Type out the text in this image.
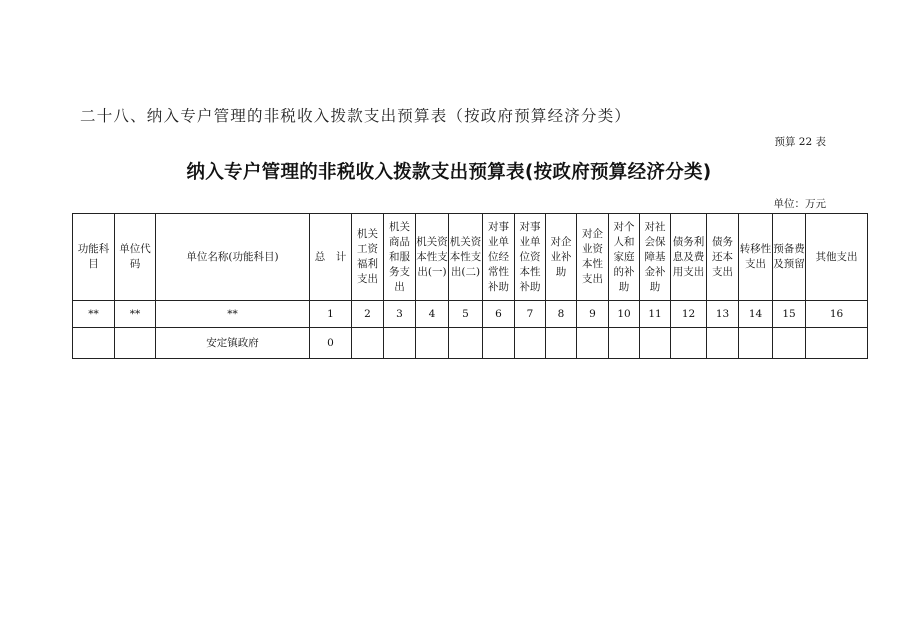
二十八、纳入专户管理的非税收入拨款支出预算表（按政府预算经济分类）
预算 22 表
纳入专户管理的非税收入拨款支出预算表(按政府预算经济分类)
单位：万元
功能科目	单位代码	单位名称(功能科目)	总　计	机关工资福利支出	机关商品和服务支出	机关资本性支出(一)	机关资本性支出(二)	对事业单位经常性补助	对事业单位资本性补助	对企业补助	对企业资本性支出	对个人和家庭的补助	对社会保障基金补助	债务利息及费用支出	债务还本支出	转移性支出	预备费及预留	其他支出
**	**	**	1	2	3	4	5	6	7	8	9	10	11	12	13	14	15	16
		安定镇政府	0															
